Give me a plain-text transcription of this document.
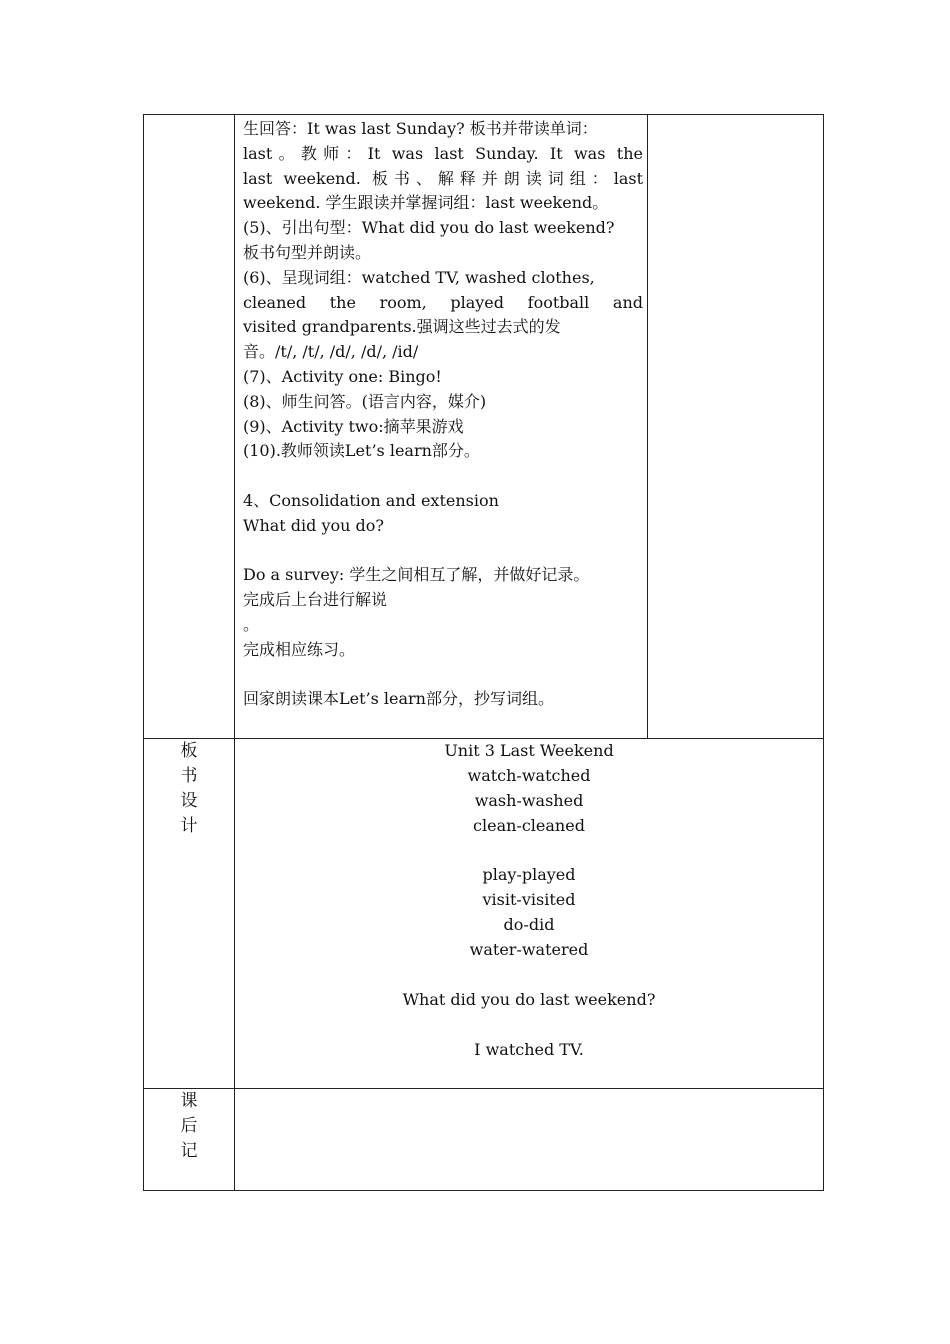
生回答：It was last Sunday? 板书并带读单词：
last。教师：It was last Sunday. It was the
last weekend. 板书、解释并朗读词组：last
weekend. 学生跟读并掌握词组：last weekend。
(5)、引出句型：What did you do last weekend?
板书句型并朗读。
(6)、呈现词组：watched TV, washed clothes,
cleaned the room, played football and
visited grandparents.强调这些过去式的发
音。/t/, /t/, /d/, /d/, /id/
(7)、Activity one: Bingo!
(8)、师生问答。(语言内容，媒介)
(9)、Activity two:摘苹果游戏
(10).教师领读Let’s learn部分。
4、Consolidation and extension
What did you do?
Do a survey: 学生之间相互了解，并做好记录。
完成后上台进行解说
。
完成相应练习。
回家朗读课本Let’s learn部分，抄写词组。
板
书
设
计
Unit 3 Last Weekend
watch-watched
wash-washed
clean-cleaned
play-played
visit-visited
do-did
water-watered
What did you do last weekend?
I watched TV.
课
后
记
